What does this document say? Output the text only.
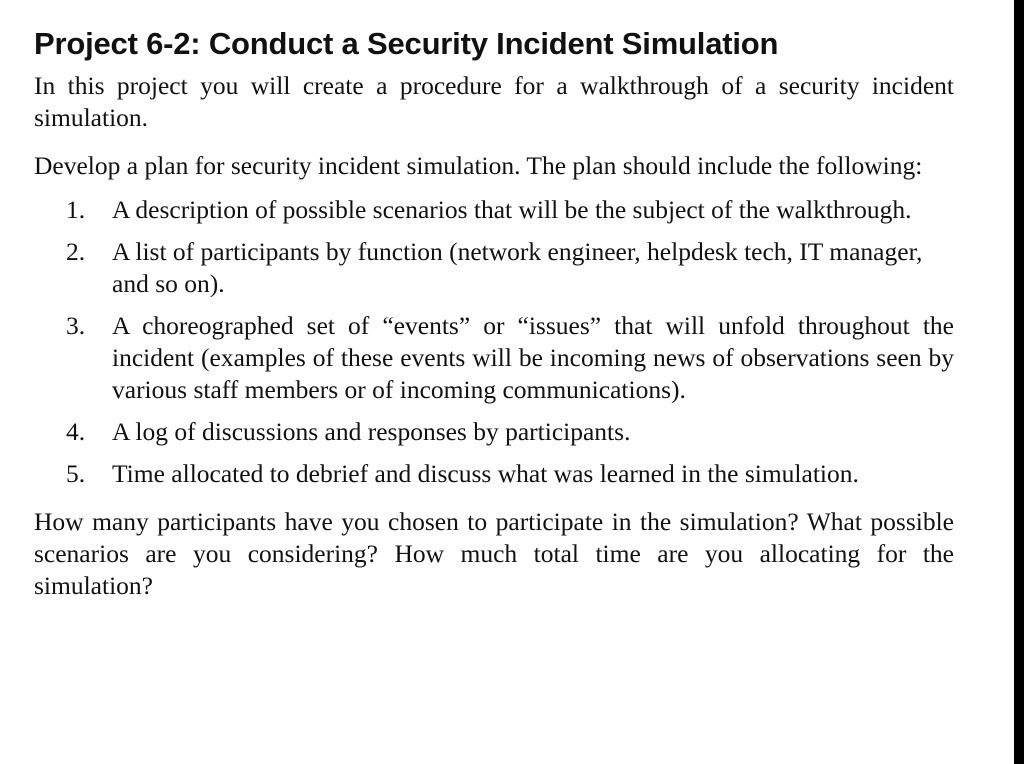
Project 6-2: Conduct a Security Incident Simulation

In this project you will create a procedure for a walkthrough of a security incident simulation.

Develop a plan for security incident simulation. The plan should include the following:

1. A description of possible scenarios that will be the subject of the walkthrough.
2. A list of participants by function (network engineer, helpdesk tech, IT manager, and so on).
3. A choreographed set of “events” or “issues” that will unfold throughout the incident (examples of these events will be incoming news of observations seen by various staff members or of incoming communications).
4. A log of discussions and responses by participants.
5. Time allocated to debrief and discuss what was learned in the simulation.

How many participants have you chosen to participate in the simulation? What possible scenarios are you considering? How much total time are you allocating for the simulation?
